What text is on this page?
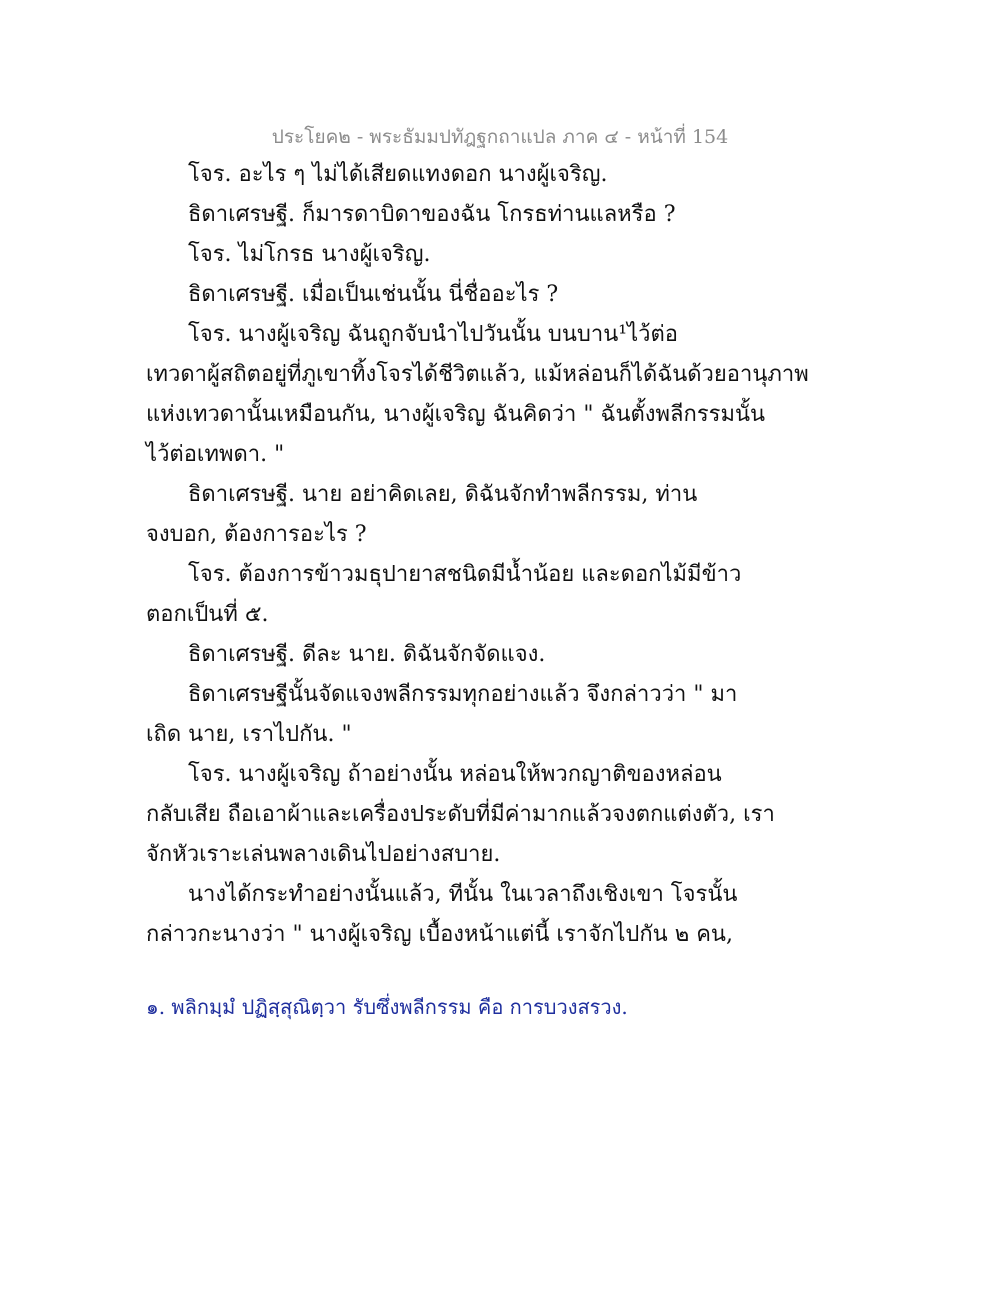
ประโยค๒ - พระธัมมปทัฎฐกถาแปล ภาค ๔ - หน้าที่ 154
โจร. อะไร ๆ ไม่ได้เสียดแทงดอก นางผู้เจริญ.
ธิดาเศรษฐี. ก็มารดาบิดาของฉัน โกรธท่านแลหรือ ?
โจร. ไม่โกรธ นางผู้เจริญ.
ธิดาเศรษฐี. เมื่อเป็นเช่นนั้น นี่ชื่ออะไร ?
โจร. นางผู้เจริญ ฉันถูกจับนำไปวันนั้น บนบาน¹ไว้ต่อ
เทวดาผู้สถิตอยู่ที่ภูเขาทิ้งโจรได้ชีวิตแล้ว, แม้หล่อนก็ได้ฉันด้วยอานุภาพ
แห่งเทวดานั้นเหมือนกัน, นางผู้เจริญ ฉันคิดว่า " ฉันตั้งพลีกรรมนั้น
ไว้ต่อเทพดา. "
ธิดาเศรษฐี. นาย อย่าคิดเลย, ดิฉันจักทำพลีกรรม, ท่าน
จงบอก, ต้องการอะไร ?
โจร. ต้องการข้าวมธุปายาสชนิดมีน้ำน้อย และดอกไม้มีข้าว
ตอกเป็นที่ ๕.
ธิดาเศรษฐี. ดีละ นาย. ดิฉันจักจัดแจง.
ธิดาเศรษฐีนั้นจัดแจงพลีกรรมทุกอย่างแล้ว จึงกล่าวว่า " มา
เถิด นาย, เราไปกัน. "
โจร. นางผู้เจริญ ถ้าอย่างนั้น หล่อนให้พวกญาติของหล่อน
กลับเสีย ถือเอาผ้าและเครื่องประดับที่มีค่ามากแล้วจงตกแต่งตัว, เรา
จักหัวเราะเล่นพลางเดินไปอย่างสบาย.
นางได้กระทำอย่างนั้นแล้ว, ทีนั้น ในเวลาถึงเชิงเขา โจรนั้น
กล่าวกะนางว่า " นางผู้เจริญ เบื้องหน้าแต่นี้ เราจักไปกัน ๒ คน,
๑. พลิกมฺมํ ปฏิสฺสุณิตฺวา รับซึ่งพลีกรรม คือ การบวงสรวง.
